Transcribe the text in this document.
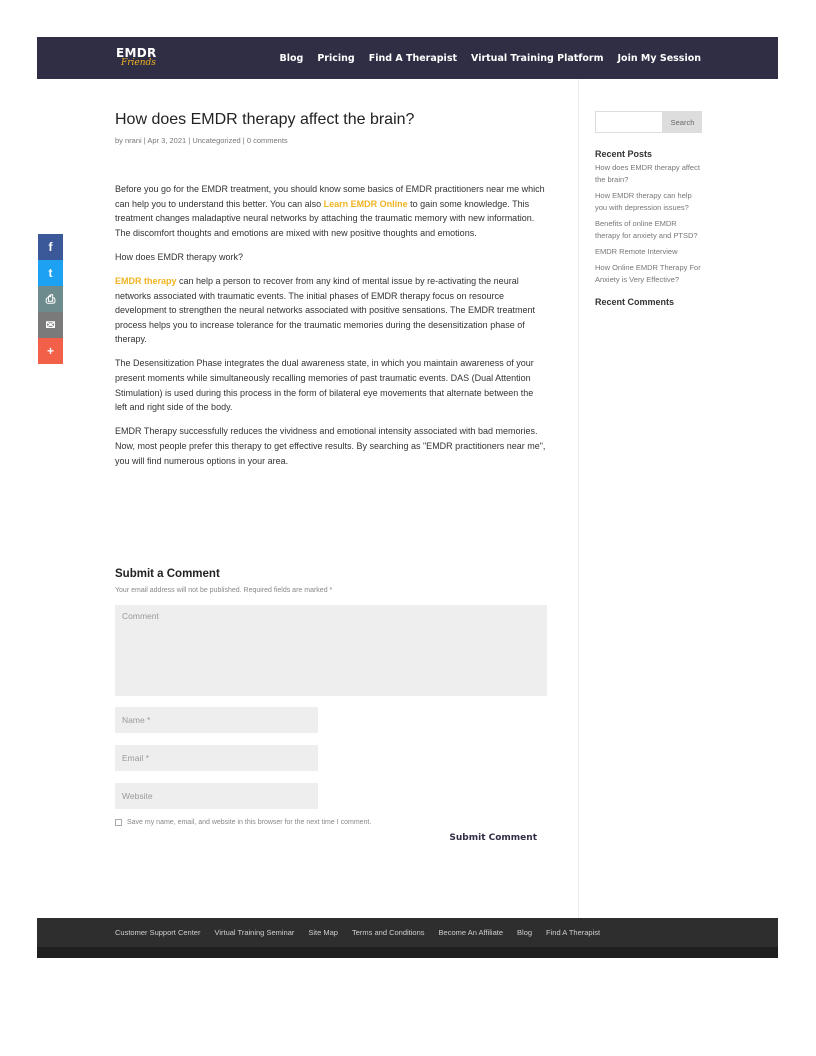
EMDR
Friends	Blog Pricing Find A Therapist Virtual Training Platform Join My Session
f
t
⎙
✉
+
How does EMDR therapy affect the brain?
by nrani | Apr 3, 2021 | Uncategorized | 0 comments

Before you go for the EMDR treatment, you should know some basics of EMDR practitioners near me which can help you to understand this better. You can also Learn EMDR Online to gain some knowledge. This treatment changes maladaptive neural networks by attaching the traumatic memory with new information. The discomfort thoughts and emotions are mixed with new positive thoughts and emotions.

How does EMDR therapy work?

EMDR therapy can help a person to recover from any kind of mental issue by re-activating the neural networks associated with traumatic events. The initial phases of EMDR therapy focus on resource development to strengthen the neural networks associated with positive sensations. The EMDR treatment process helps you to increase tolerance for the traumatic memories during the desensitization phase of therapy.

The Desensitization Phase integrates the dual awareness state, in which you maintain awareness of your present moments while simultaneously recalling memories of past traumatic events. DAS (Dual Attention Stimulation) is used during this process in the form of bilateral eye movements that alternate between the left and right side of the body.

EMDR Therapy successfully reduces the vividness and emotional intensity associated with bad memories. Now, most people prefer this therapy to get effective results. By searching as "EMDR practitioners near me", you will find numerous options in your area.

Submit a Comment

Your email address will not be published. Required fields are marked *

Comment
Name *
Email *
Website
Save my name, email, and website in this browser for the next time I comment.
Submit Comment
Search
Recent Posts
How does EMDR therapy affect the brain?
How EMDR therapy can help you with depression issues?
Benefits of online EMDR therapy for anxiety and PTSD?
EMDR Remote Interview
How Online EMDR Therapy For Anxiety is Very Effective?
Recent Comments
Customer Support Center Virtual Training Seminar Site Map Terms and Conditions Become An Affiliate Blog Find A Therapist
